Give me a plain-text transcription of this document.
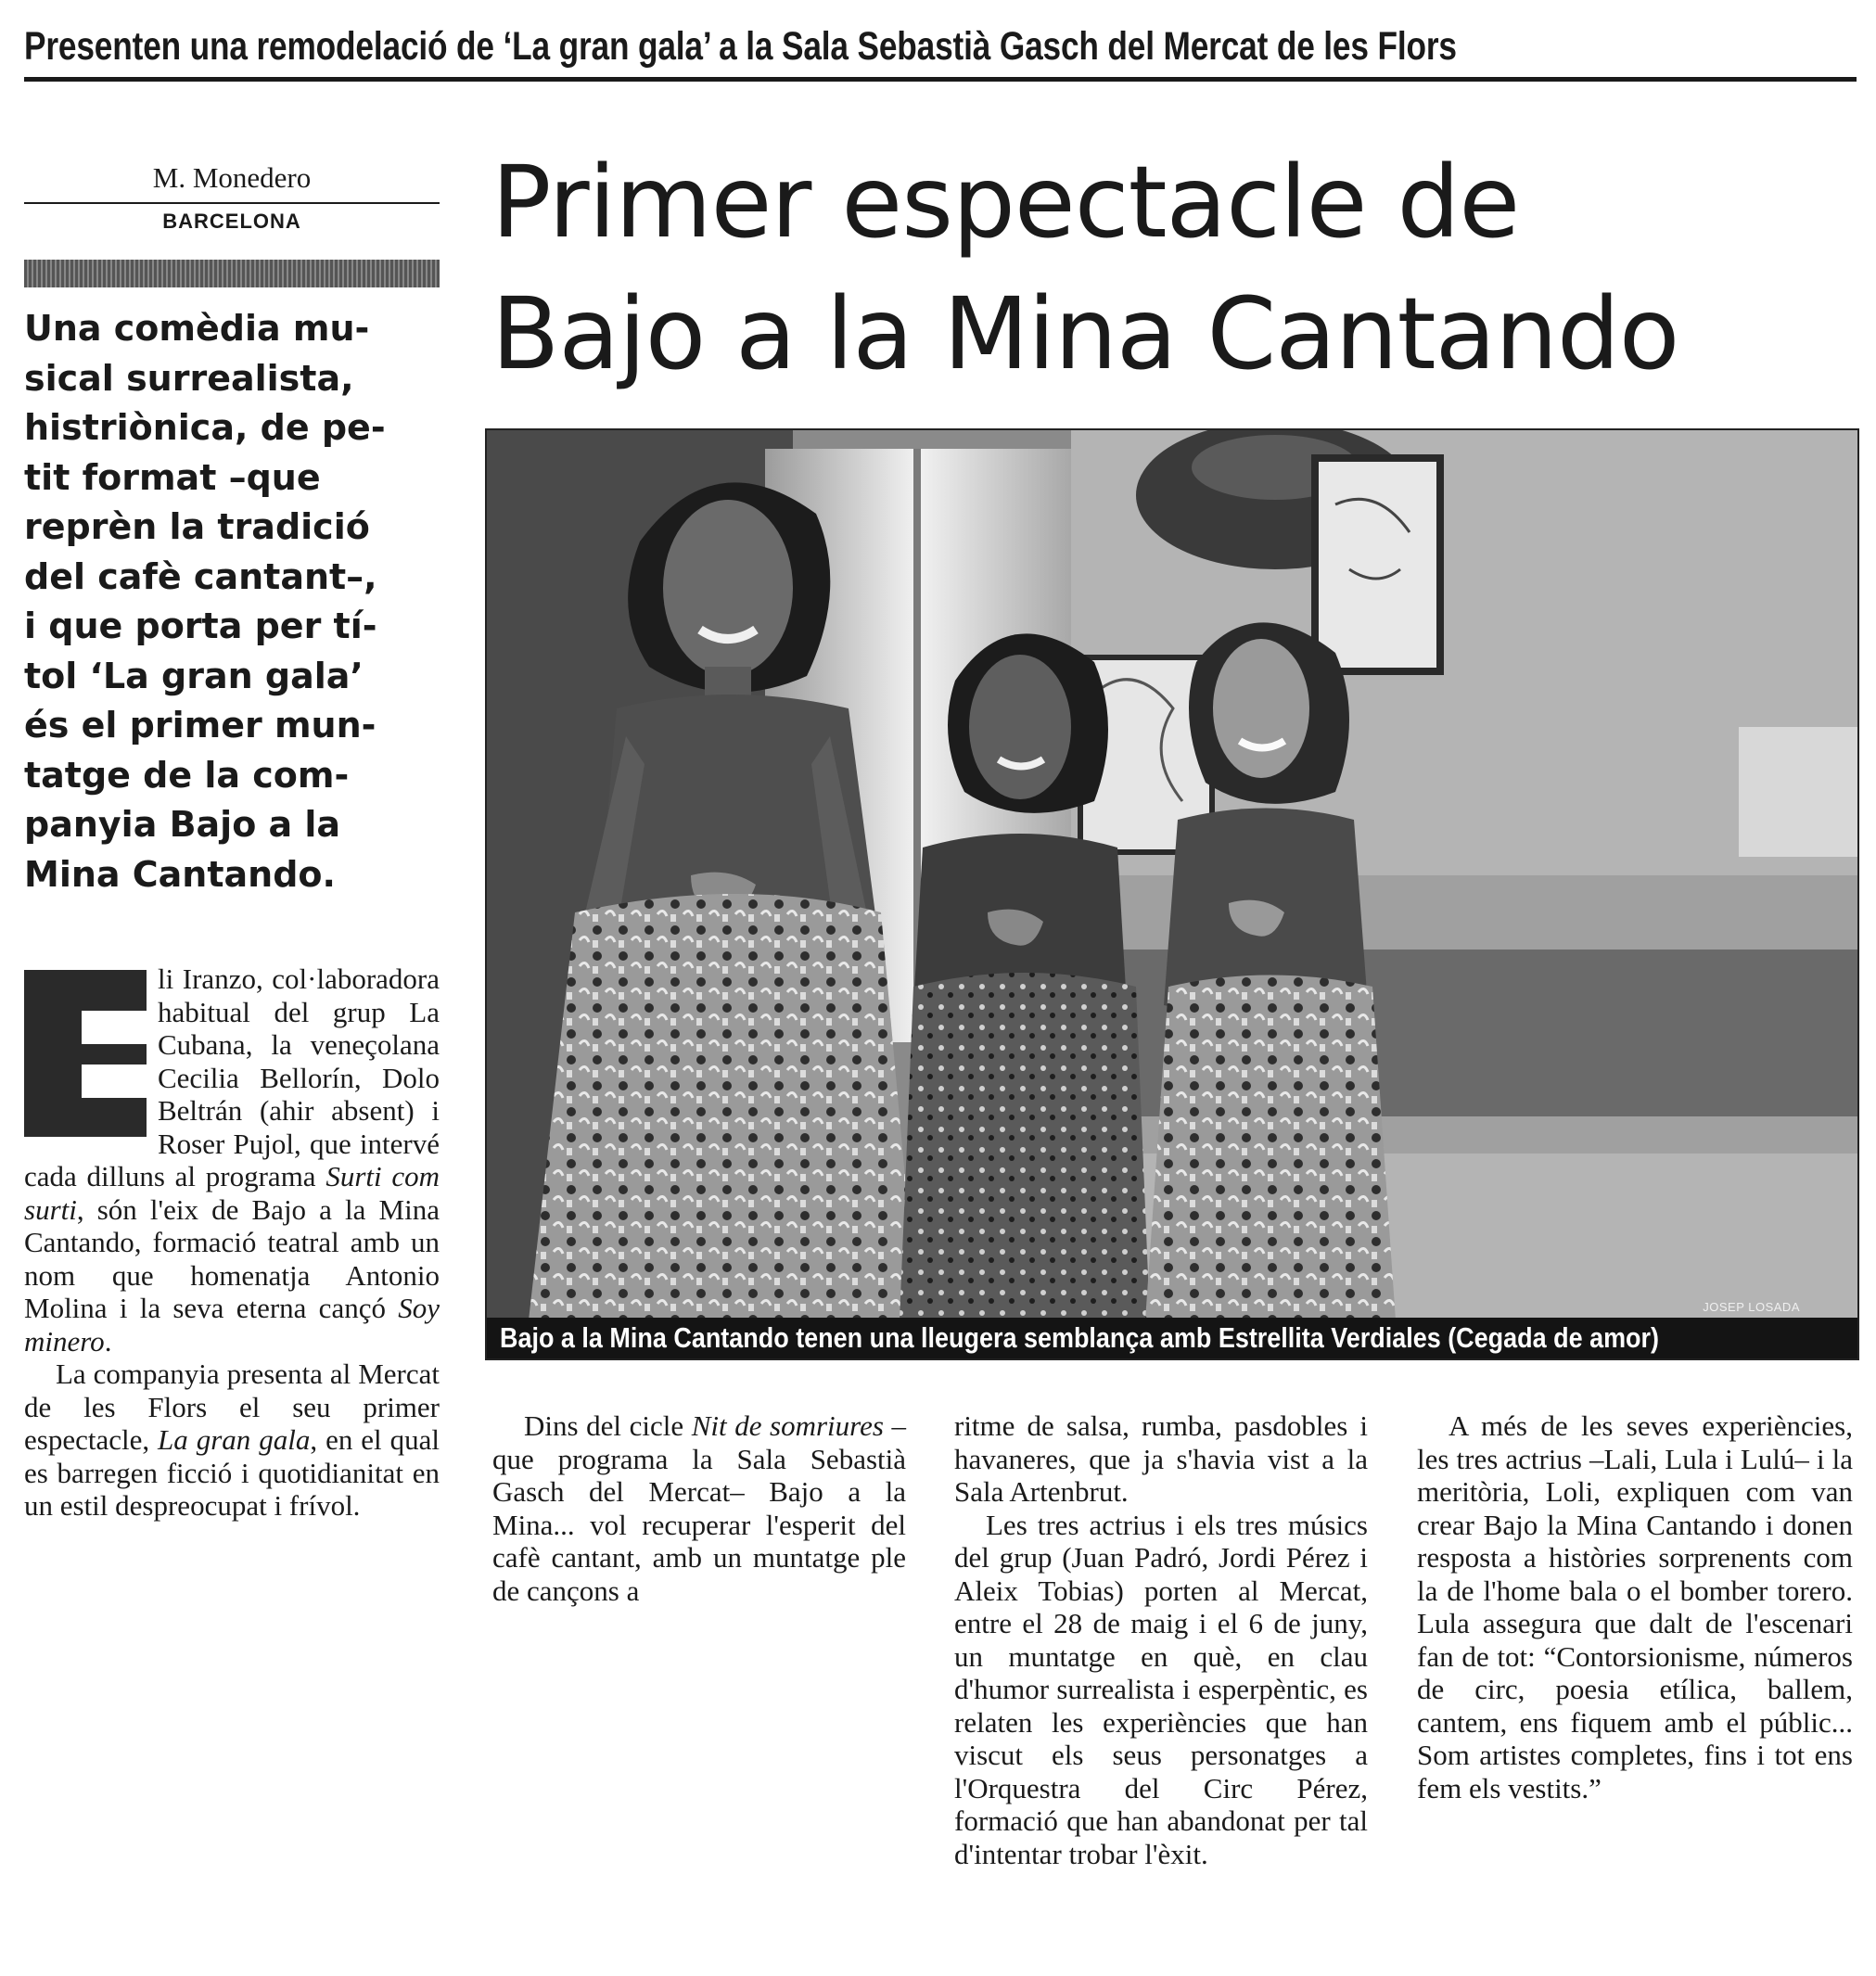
Presenten una remodelació de ‘La gran gala’ a la Sala Sebastià Gasch del Mercat de les Flors
M. Monedero
BARCELONA
Una comèdia mu-
sical surrealista,
histriònica, de pe-
tit format –que
reprèn la tradició
del cafè cantant–,
i que porta per tí-
tol ‘La gran gala’
és el primer mun-
tatge de la com-
panyia Bajo a la
Mina Cantando.
Primer espectacle de
Bajo a la Mina Cantando
JOSEP LOSADA
Bajo a la Mina Cantando tenen una lleugera semblança amb Estrellita Verdiales (Cegada de amor)

li Iranzo, col·laboradora habitual del grup La Cubana, la veneçolana Cecilia Bellorín, Dolo Beltrán (ahir absent) i Roser Pujol, que intervé cada dilluns al programa Surti com surti, són l'eix de Bajo a la Mina Cantando, formació teatral amb un nom que homenatja Antonio Molina i la seva eterna cançó Soy minero.

La companyia presenta al Mercat de les Flors el seu primer espectacle, La gran gala, en el qual es barregen ficció i quotidianitat en un estil despreocupat i frívol.

Dins del cicle Nit de somriures –que programa la Sala Sebastià Gasch del Mercat– Bajo a la Mina... vol recuperar l'esperit del cafè cantant, amb un muntatge ple de cançons a

ritme de salsa, rumba, pasdobles i havaneres, que ja s'havia vist a la Sala Artenbrut.

Les tres actrius i els tres músics del grup (Juan Padró, Jordi Pérez i Aleix Tobias) porten al Mercat, entre el 28 de maig i el 6 de juny, un muntatge en què, en clau d'humor surrealista i esperpèntic, es relaten les experiències que han viscut els seus personatges a l'Orquestra del Circ Pérez, formació que han abandonat per tal d'intentar trobar l'èxit.

A més de les seves experiències, les tres actrius –Lali, Lula i Lulú– i la meritòria, Loli, expliquen com van crear Bajo la Mina Cantando i donen resposta a històries sorprenents com la de l'home bala o el bomber torero. Lula assegura que dalt de l'escenari fan de tot: “Contorsionisme, números de circ, poesia etílica, ballem, cantem, ens fiquem amb el públic... Som artistes completes, fins i tot ens fem els vestits.”
